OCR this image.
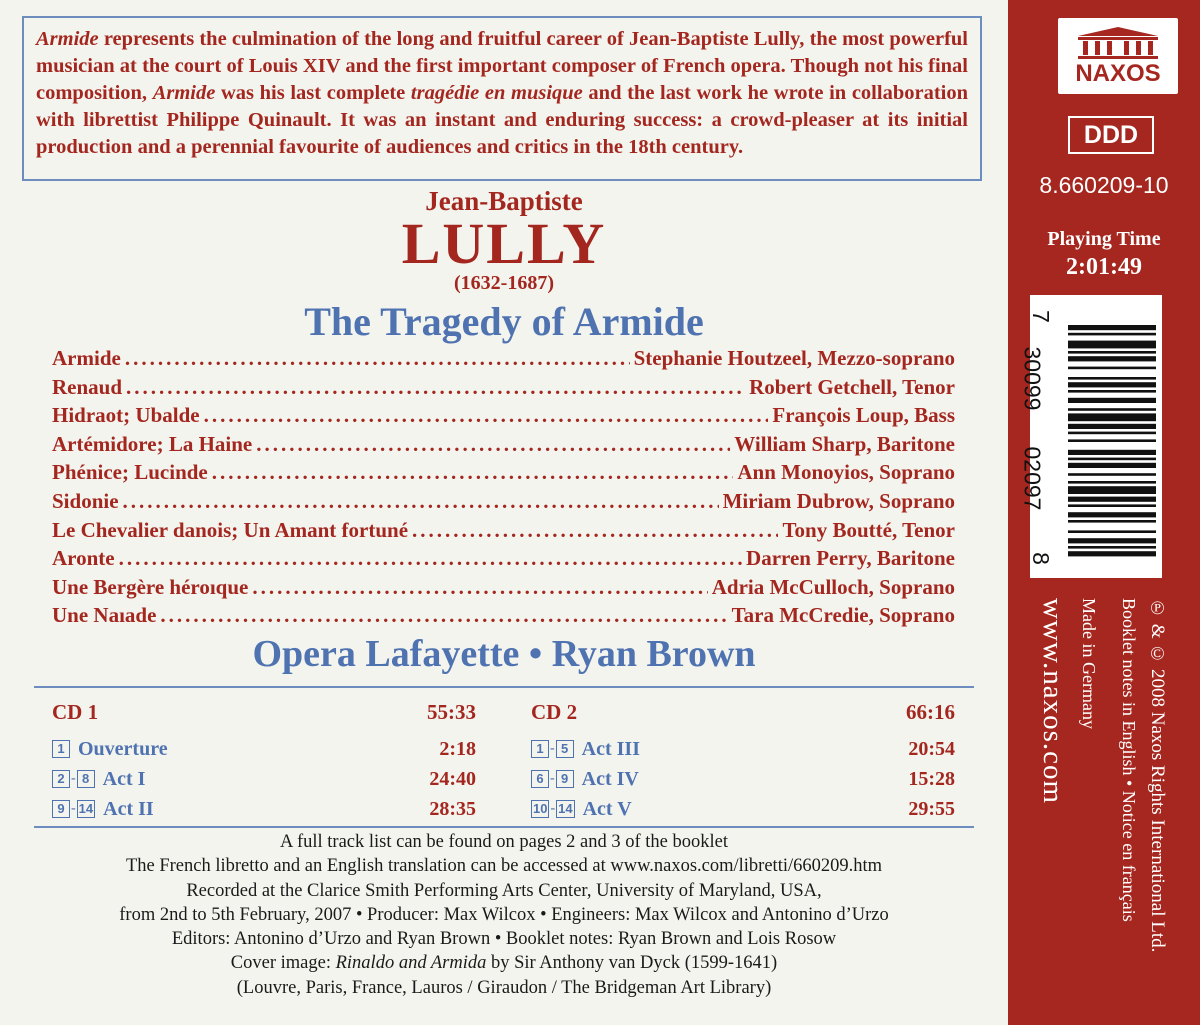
Armide represents the culmination of the long and fruitful career of Jean-Baptiste Lully, the most powerful musician at the court of Louis XIV and the first important composer of French opera. Though not his final composition, Armide was his last complete tragédie en musique and the last work he wrote in collaboration with librettist Philippe Quinault. It was an instant and enduring success: a crowd-pleaser at its initial production and a perennial favourite of audiences and critics in the 18th century.
Jean-Baptiste
LULLY
(1632-1687)
The Tragedy of Armide
Armide .....	Stephanie Houtzeel, Mezzo-soprano
Renaud .....	Robert Getchell, Tenor
Hidraot; Ubalde .....	François Loup, Bass
Artémidore; La Haine .....	William Sharp, Baritone
Phénice; Lucinde .....	Ann Monoyios, Soprano
Sidonie .....	Miriam Dubrow, Soprano
Le Chevalier danois; Un Amant fortuné .....	Tony Boutté, Tenor
Aronte .....	Darren Perry, Baritone
Une Bergère héroıque .....	Adria McCulloch, Soprano
Une Naıade .....	Tara McCredie, Soprano
Opera Lafayette • Ryan Brown
CD 1	55:33
1 Ouverture	2:18
2 - 8 Act I	24:40
9 - 14 Act II	28:35
CD 2	66:16
1 - 5 Act III	20:54
6 - 9 Act IV	15:28
10 - 14 Act V	29:55
A full track list can be found on pages 2 and 3 of the booklet
The French libretto and an English translation can be accessed at www.naxos.com/libretti/660209.htm
Recorded at the Clarice Smith Performing Arts Center, University of Maryland, USA,
from 2nd to 5th February, 2007 • Producer: Max Wilcox • Engineers: Max Wilcox and Antonino d’Urzo
Editors: Antonino d’Urzo and Ryan Brown • Booklet notes: Ryan Brown and Lois Rosow
Cover image: Rinaldo and Armida by Sir Anthony van Dyck (1599-1641)
(Louvre, Paris, France, Lauros / Giraudon / The Bridgeman Art Library)
NAXOS
DDD
8.660209-10
Playing Time
2:01:49
7
30099
02097
8
www.naxos.com	℗ & © 2008 Naxos Rights International Ltd.
Booklet notes in English • Notice en français
Made in Germany
